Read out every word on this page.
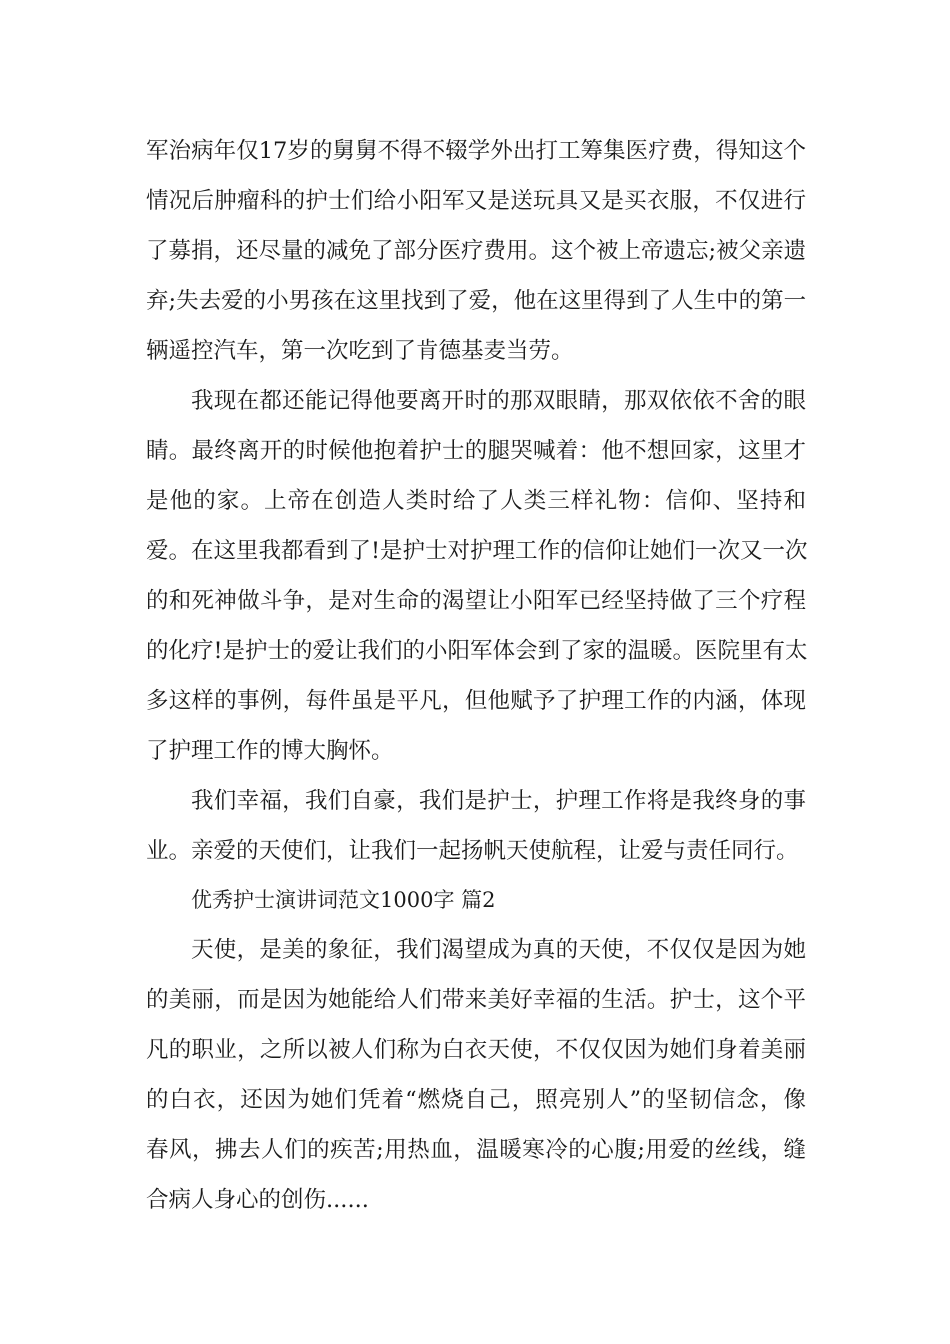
军治病年仅17岁的舅舅不得不辍学外出打工筹集医疗费，得知这个
情况后肿瘤科的护士们给小阳军又是送玩具又是买衣服，不仅进行
了募捐，还尽量的减免了部分医疗费用。这个被上帝遗忘;被父亲遗
弃;失去爱的小男孩在这里找到了爱，他在这里得到了人生中的第一
辆遥控汽车，第一次吃到了肯德基麦当劳。
我现在都还能记得他要离开时的那双眼睛，那双依依不舍的眼
睛。最终离开的时候他抱着护士的腿哭喊着：他不想回家，这里才
是他的家。上帝在创造人类时给了人类三样礼物：信仰、坚持和
爱。在这里我都看到了!是护士对护理工作的信仰让她们一次又一次
的和死神做斗争，是对生命的渴望让小阳军已经坚持做了三个疗程
的化疗!是护士的爱让我们的小阳军体会到了家的温暖。医院里有太
多这样的事例，每件虽是平凡，但他赋予了护理工作的内涵，体现
了护理工作的博大胸怀。
我们幸福，我们自豪，我们是护士，护理工作将是我终身的事
业。亲爱的天使们，让我们一起扬帆天使航程，让爱与责任同行。
优秀护士演讲词范文1000字 篇2
天使，是美的象征，我们渴望成为真的天使，不仅仅是因为她
的美丽，而是因为她能给人们带来美好幸福的生活。护士，这个平
凡的职业，之所以被人们称为白衣天使，不仅仅因为她们身着美丽
的白衣，还因为她们凭着“燃烧自己，照亮别人”的坚韧信念，像
春风，拂去人们的疾苦;用热血，温暖寒冷的心腹;用爱的丝线，缝
合病人身心的创伤......
